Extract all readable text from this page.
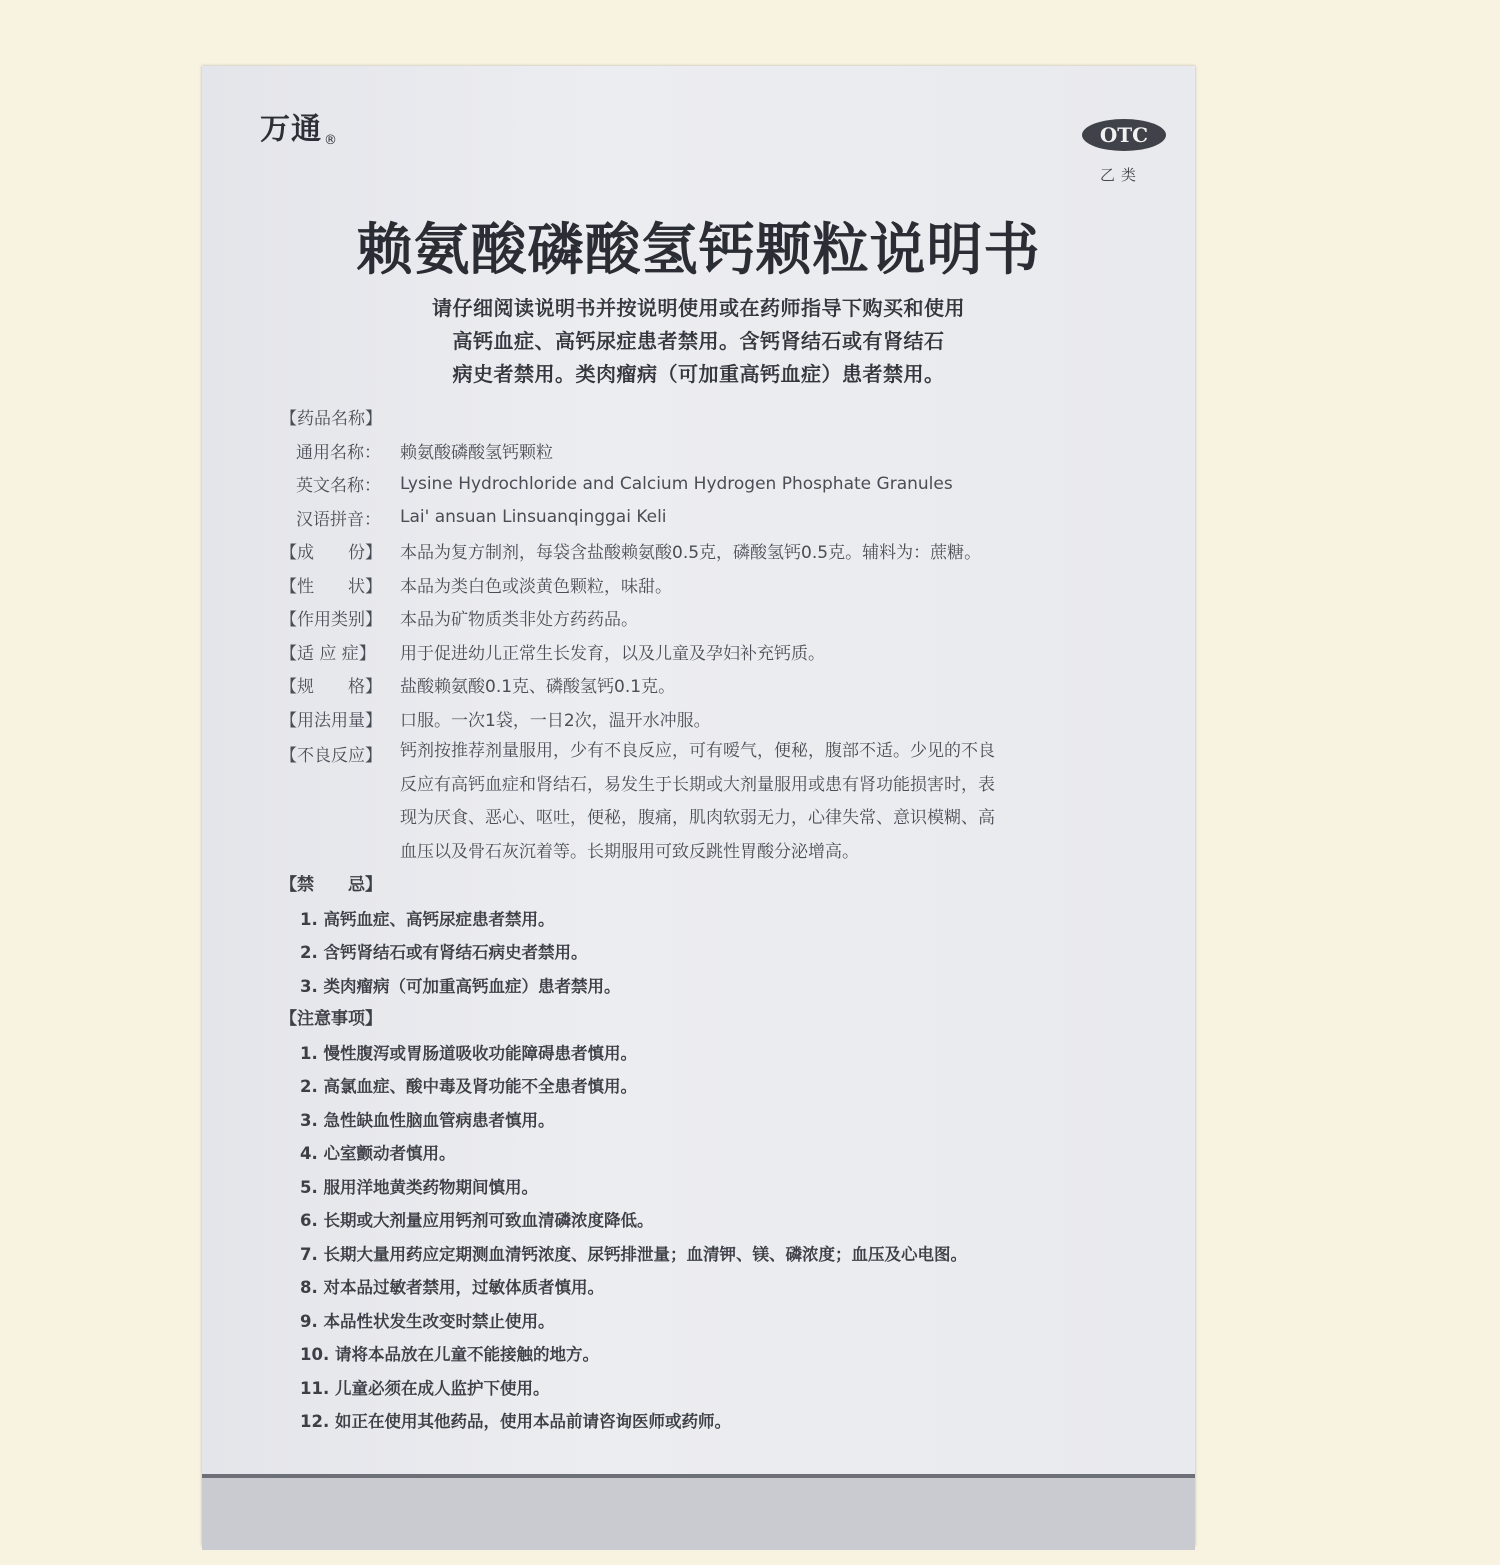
万通 ®	OTC
乙类
赖氨酸磷酸氢钙颗粒说明书
请仔细阅读说明书并按说明使用或在药师指导下购买和使用
高钙血症、高钙尿症患者禁用。含钙肾结石或有肾结石
病史者禁用。类肉瘤病（可加重高钙血症）患者禁用。
【药品名称】
通用名称：	赖氨酸磷酸氢钙颗粒
英文名称：	Lysine Hydrochloride and Calcium Hydrogen Phosphate Granules
汉语拼音：	Lai' ansuan Linsuanqinggai Keli
【成　　份】	本品为复方制剂，每袋含盐酸赖氨酸0.5克，磷酸氢钙0.5克。辅料为：蔗糖。
【性　　状】	本品为类白色或淡黄色颗粒，味甜。
【作用类别】	本品为矿物质类非处方药药品。
【适 应 症】	用于促进幼儿正常生长发育，以及儿童及孕妇补充钙质。
【规　　格】	盐酸赖氨酸0.1克、磷酸氢钙0.1克。
【用法用量】	口服。一次1袋，一日2次，温开水冲服。
【不良反应】	钙剂按推荐剂量服用，少有不良反应，可有嗳气，便秘，腹部不适。少见的不良
反应有高钙血症和肾结石，易发生于长期或大剂量服用或患有肾功能损害时，表
现为厌食、恶心、呕吐，便秘，腹痛，肌肉软弱无力，心律失常、意识模糊、高
血压以及骨石灰沉着等。长期服用可致反跳性胃酸分泌增高。
【禁　　忌】
1. 高钙血症、高钙尿症患者禁用。
2. 含钙肾结石或有肾结石病史者禁用。
3. 类肉瘤病（可加重高钙血症）患者禁用。
【注意事项】
1. 慢性腹泻或胃肠道吸收功能障碍患者慎用。
2. 高氯血症、酸中毒及肾功能不全患者慎用。
3. 急性缺血性脑血管病患者慎用。
4. 心室颤动者慎用。
5. 服用洋地黄类药物期间慎用。
6. 长期或大剂量应用钙剂可致血清磷浓度降低。
7. 长期大量用药应定期测血清钙浓度、尿钙排泄量；血清钾、镁、磷浓度；血压及心电图。
8. 对本品过敏者禁用，过敏体质者慎用。
9. 本品性状发生改变时禁止使用。
10. 请将本品放在儿童不能接触的地方。
11. 儿童必须在成人监护下使用。
12. 如正在使用其他药品，使用本品前请咨询医师或药师。
